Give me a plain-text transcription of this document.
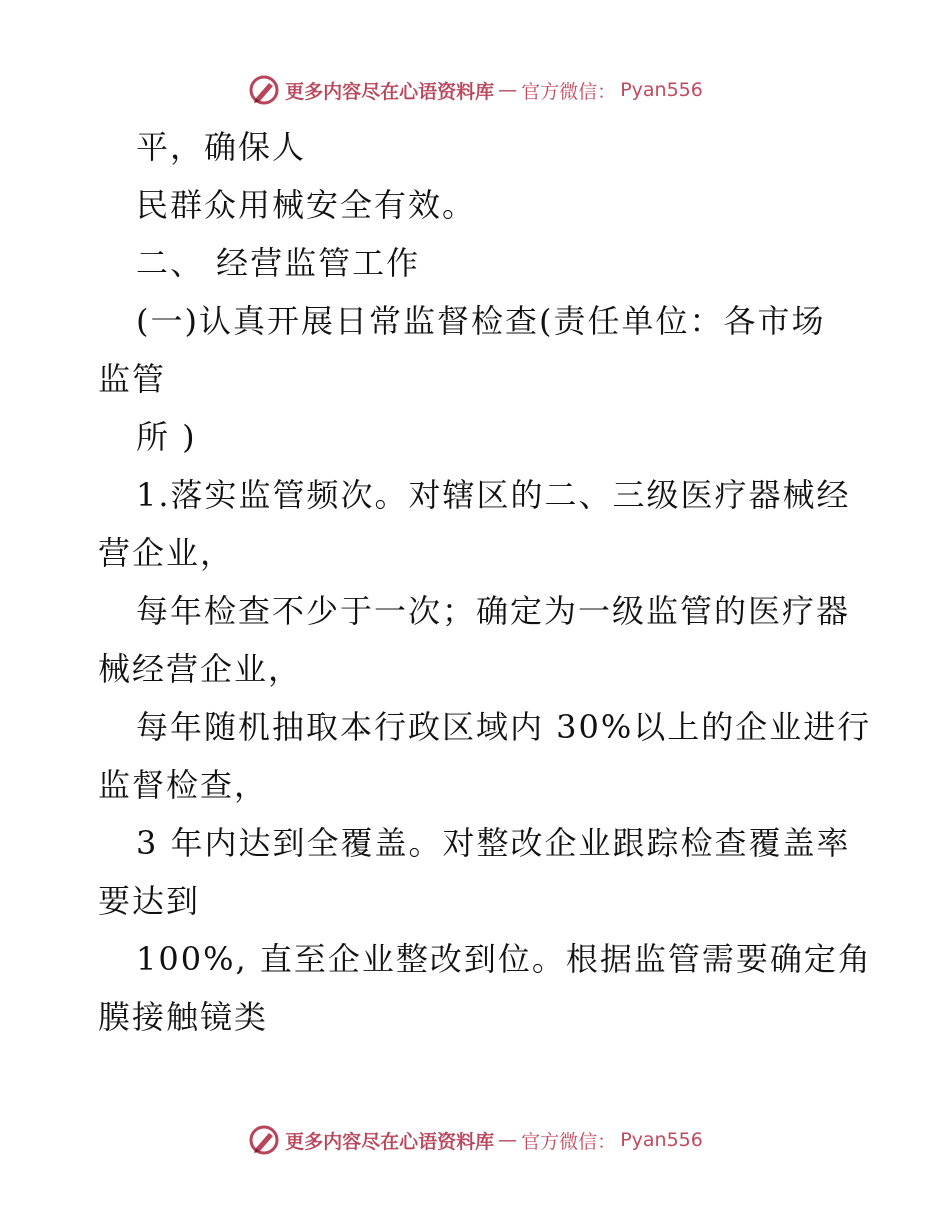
更多内容尽在心语资料库 — 官方微信： Pyan556
平，确保人
民群众用械安全有效。
二、 经营监管工作
(一)认真开展日常监督检查(责任单位：各市场
监管
所 )
1.落实监管频次。对辖区的二、三级医疗器械经
营企业，
每年检查不少于一次；确定为一级监管的医疗器
械经营企业，
每年随机抽取本行政区域内 30%以上的企业进行
监督检查，
3 年内达到全覆盖。对整改企业跟踪检查覆盖率
要达到
100%, 直至企业整改到位。根据监管需要确定角
膜接触镜类
更多内容尽在心语资料库 — 官方微信： Pyan556
